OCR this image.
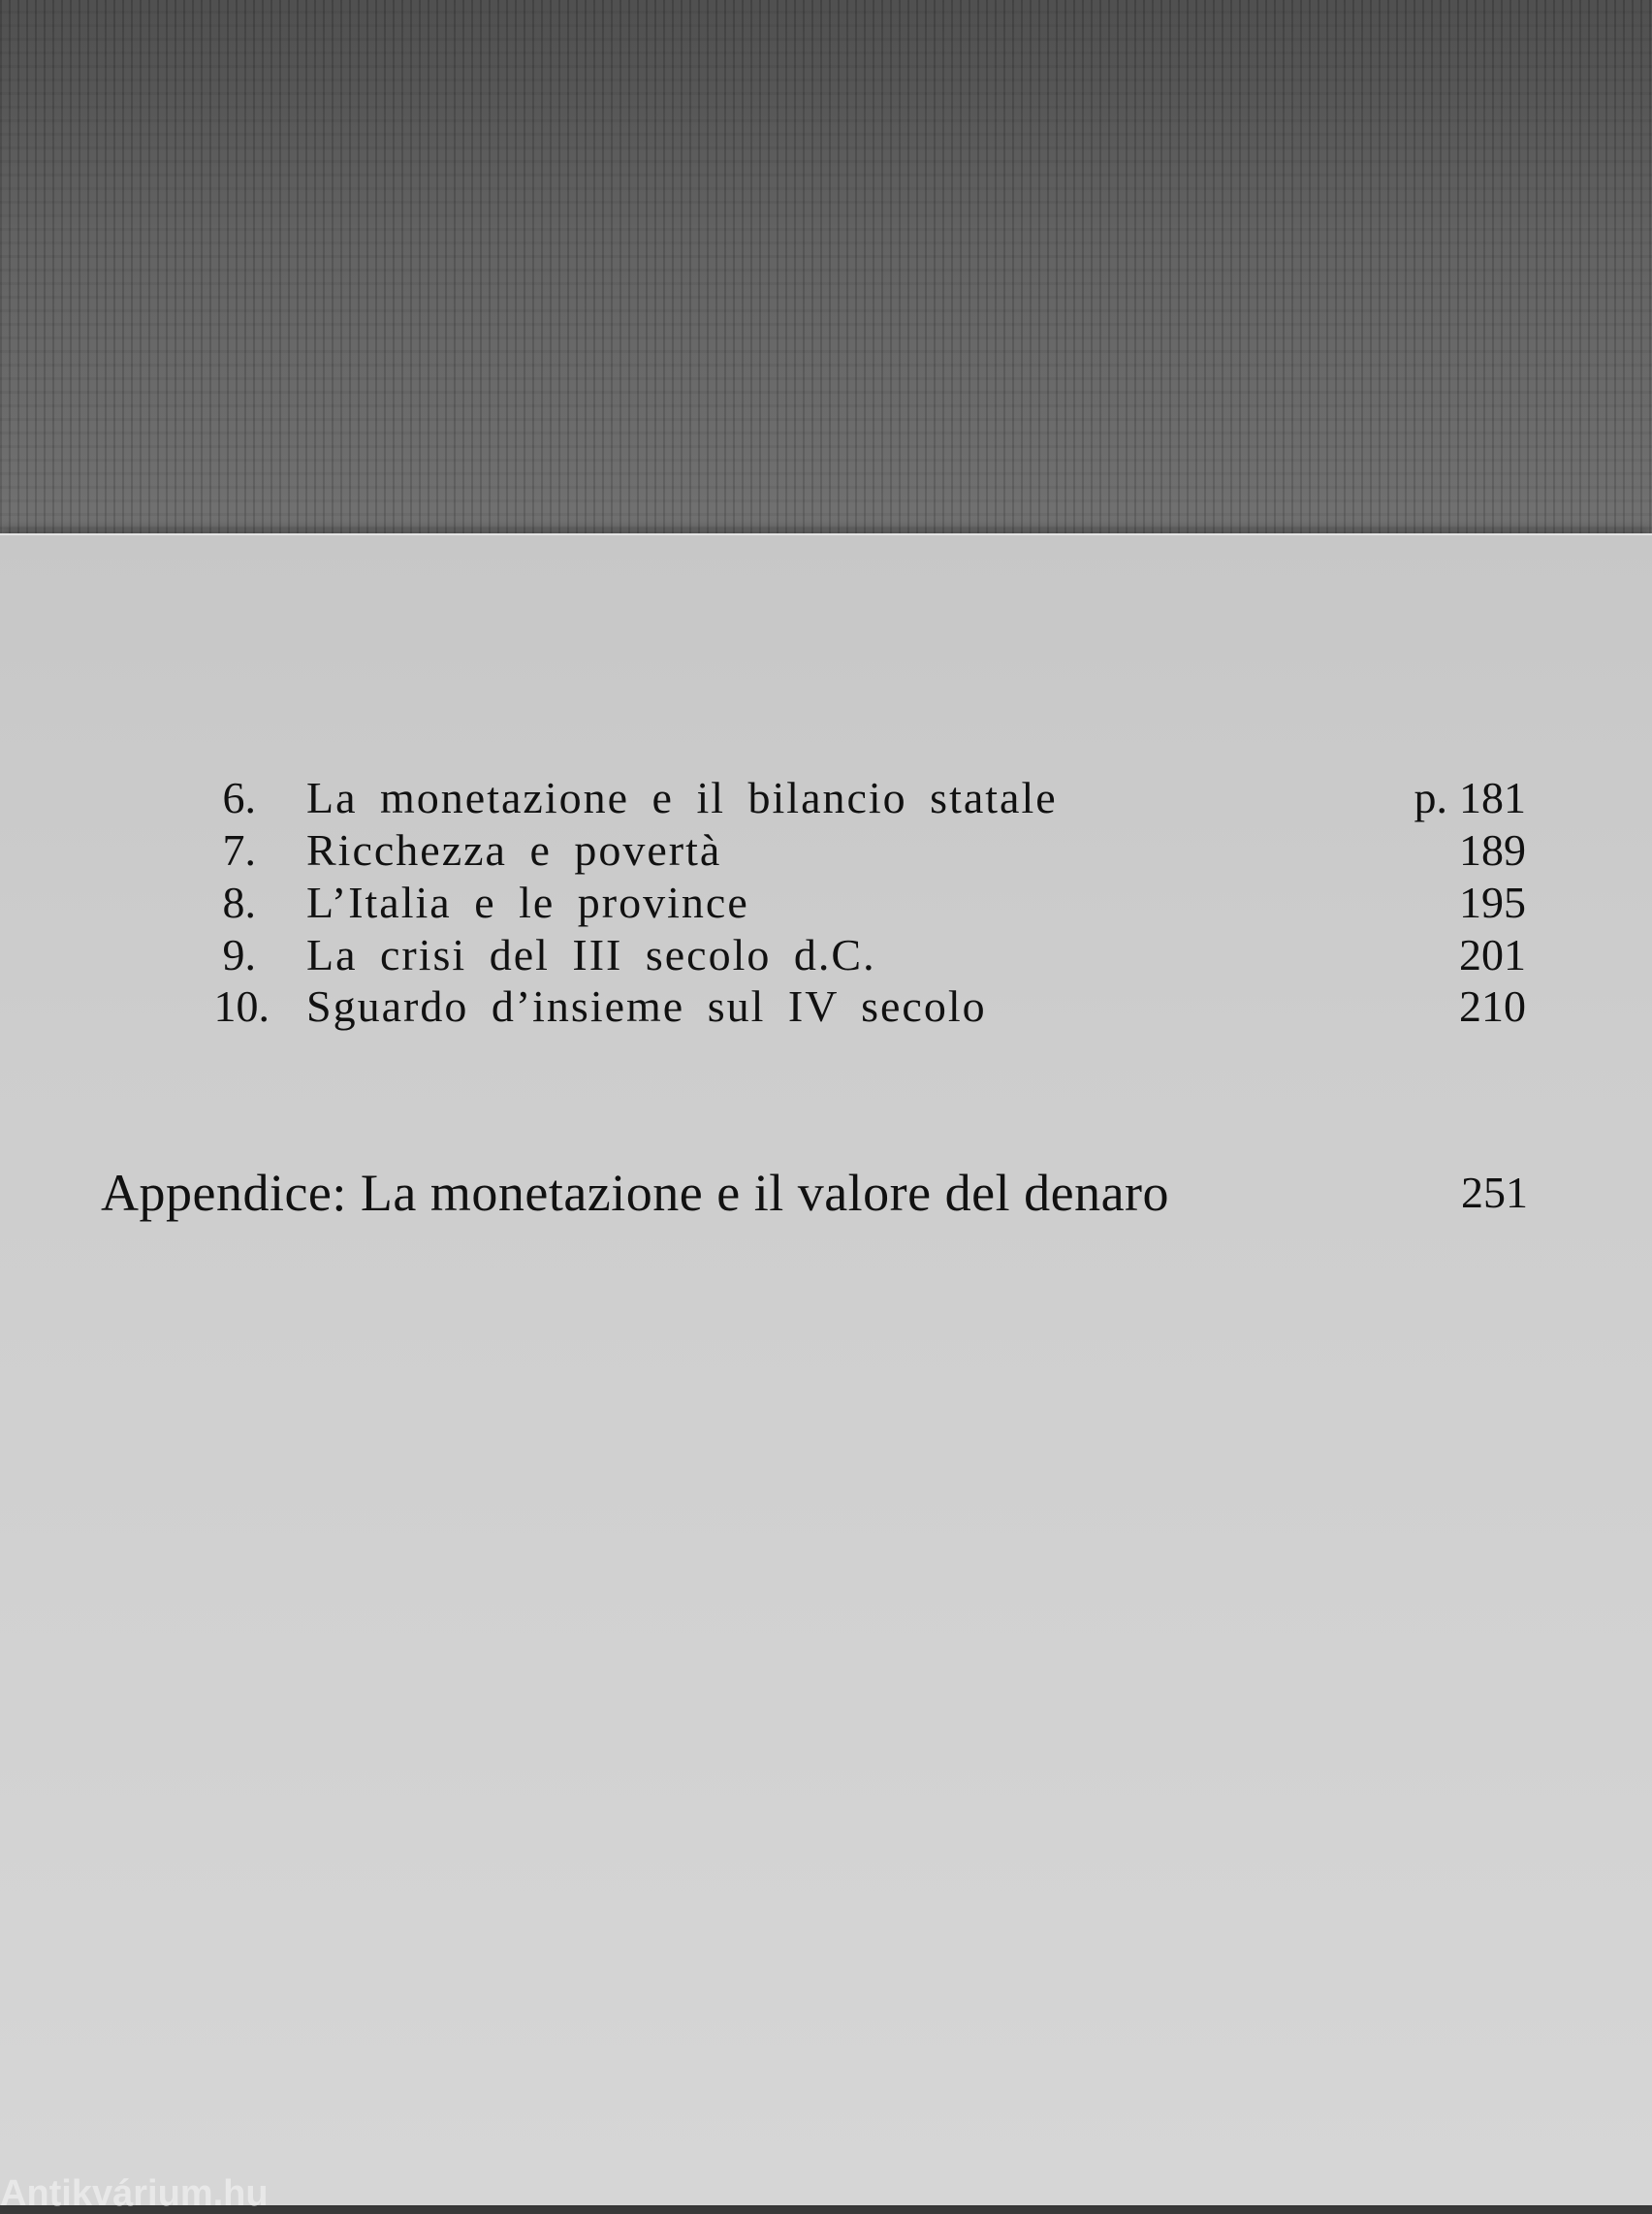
6. La monetazione e il bilancio statale	p. 181
7. Ricchezza e povertà	189
8. L’Italia e le province	195
9. La crisi del III secolo d.C.	201
10. Sguardo d’insieme sul IV secolo	210
Appendice: La monetazione e il valore del denaro	251
Antikvárium.hu
